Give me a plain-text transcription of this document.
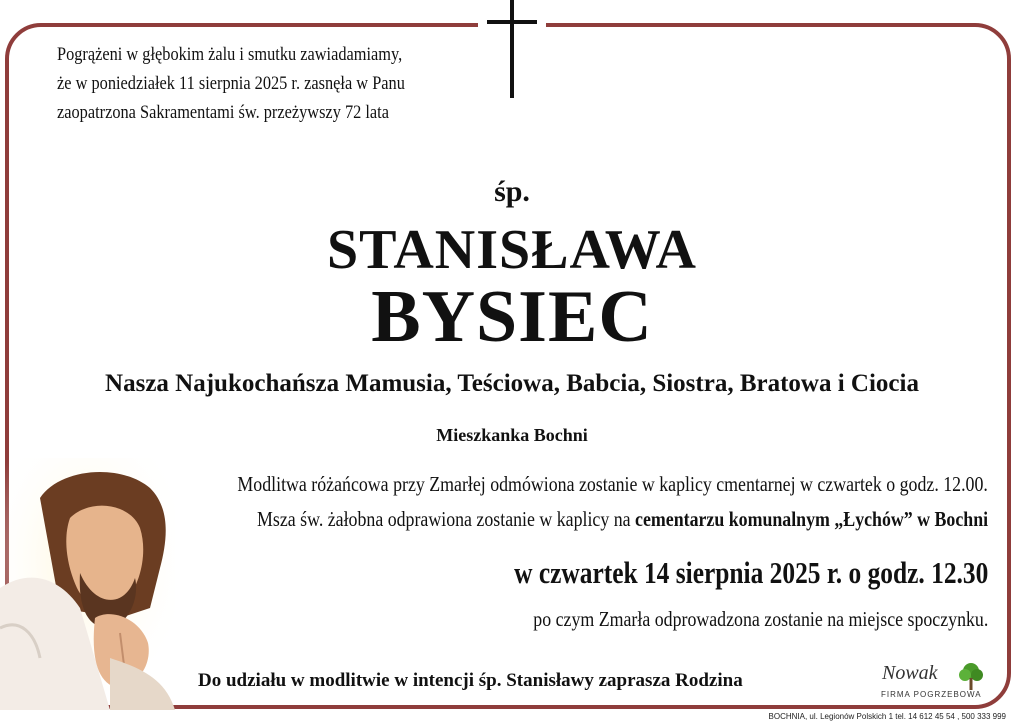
Pogrążeni w głębokim żalu i smutku zawiadamiamy,
że w poniedziałek 11 sierpnia 2025 r. zasnęła w Panu
zaopatrzona Sakramentami św. przeżywszy 72 lata
śp.
STANISŁAWA
BYSIEC
Nasza Najukochańsza Mamusia, Teściowa, Babcia, Siostra, Bratowa i Ciocia
Mieszkanka Bochni
Modlitwa różańcowa przy Zmarłej odmówiona zostanie w kaplicy cmentarnej w czwartek o godz. 12.00.
Msza św. żałobna odprawiona zostanie w kaplicy na cementarzu komunalnym „Łychów” w Bochni
w czwartek 14 sierpnia 2025 r. o godz. 12.30
po czym Zmarła odprowadzona zostanie na miejsce spoczynku.
Do udziału w modlitwie w intencji śp. Stanisławy zaprasza Rodzina	Nowak
FIRMA POGRZEBOWA
BOCHNIA, ul. Legionów Polskich 1 tel. 14 612 45 54 , 500 333 999
